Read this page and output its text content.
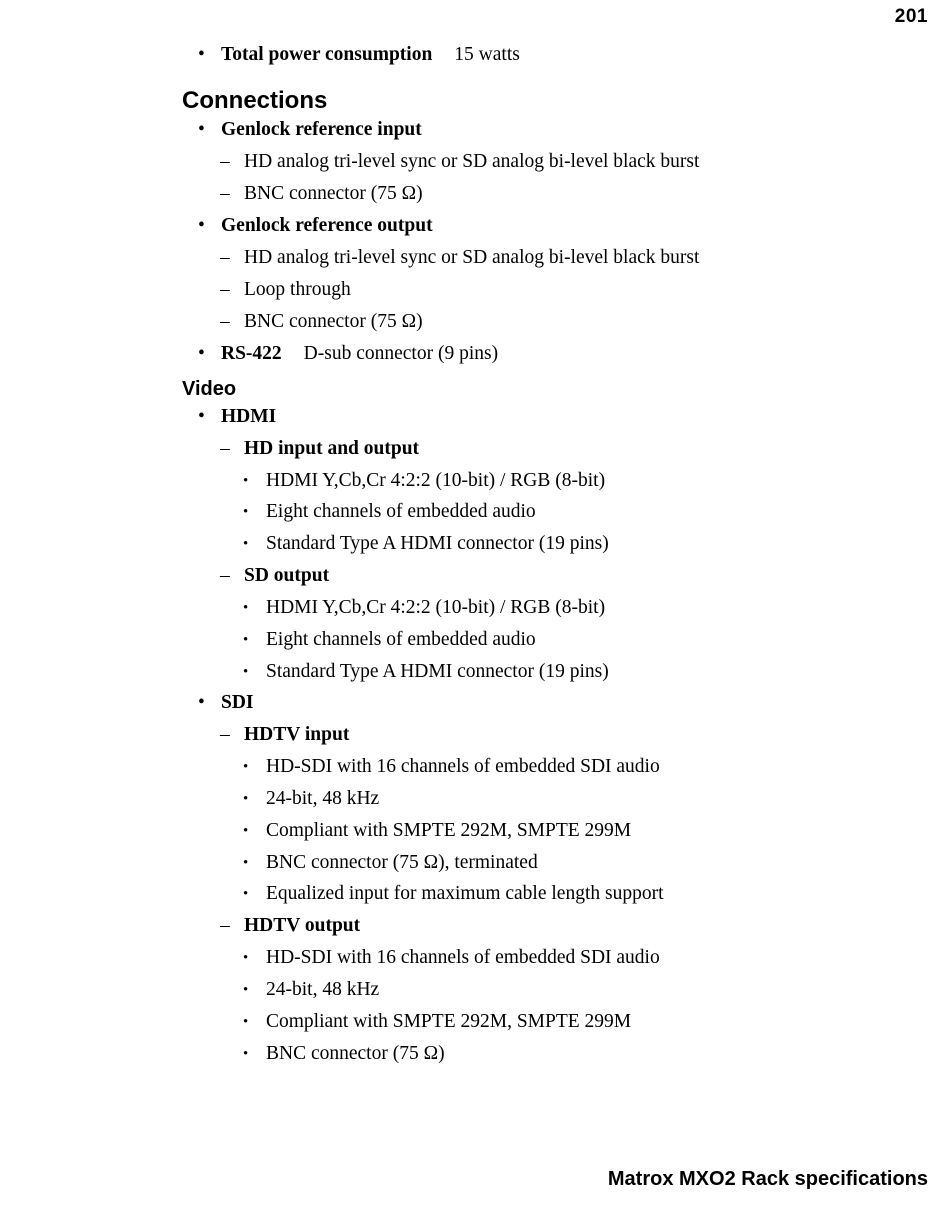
201
• Total power consumption 15 watts
Connections
• Genlock reference input
– HD analog tri-level sync or SD analog bi-level black burst
– BNC connector (75 Ω)
• Genlock reference output
– HD analog tri-level sync or SD analog bi-level black burst
– Loop through
– BNC connector (75 Ω)
• RS-422 D-sub connector (9 pins)
Video
• HDMI
– HD input and output
• HDMI Y,Cb,Cr 4:2:2 (10-bit) / RGB (8-bit)
• Eight channels of embedded audio
• Standard Type A HDMI connector (19 pins)
– SD output
• HDMI Y,Cb,Cr 4:2:2 (10-bit) / RGB (8-bit)
• Eight channels of embedded audio
• Standard Type A HDMI connector (19 pins)
• SDI
– HDTV input
• HD-SDI with 16 channels of embedded SDI audio
• 24-bit, 48 kHz
• Compliant with SMPTE 292M, SMPTE 299M
• BNC connector (75 Ω), terminated
• Equalized input for maximum cable length support
– HDTV output
• HD-SDI with 16 channels of embedded SDI audio
• 24-bit, 48 kHz
• Compliant with SMPTE 292M, SMPTE 299M
• BNC connector (75 Ω)
Matrox MXO2 Rack specifications
